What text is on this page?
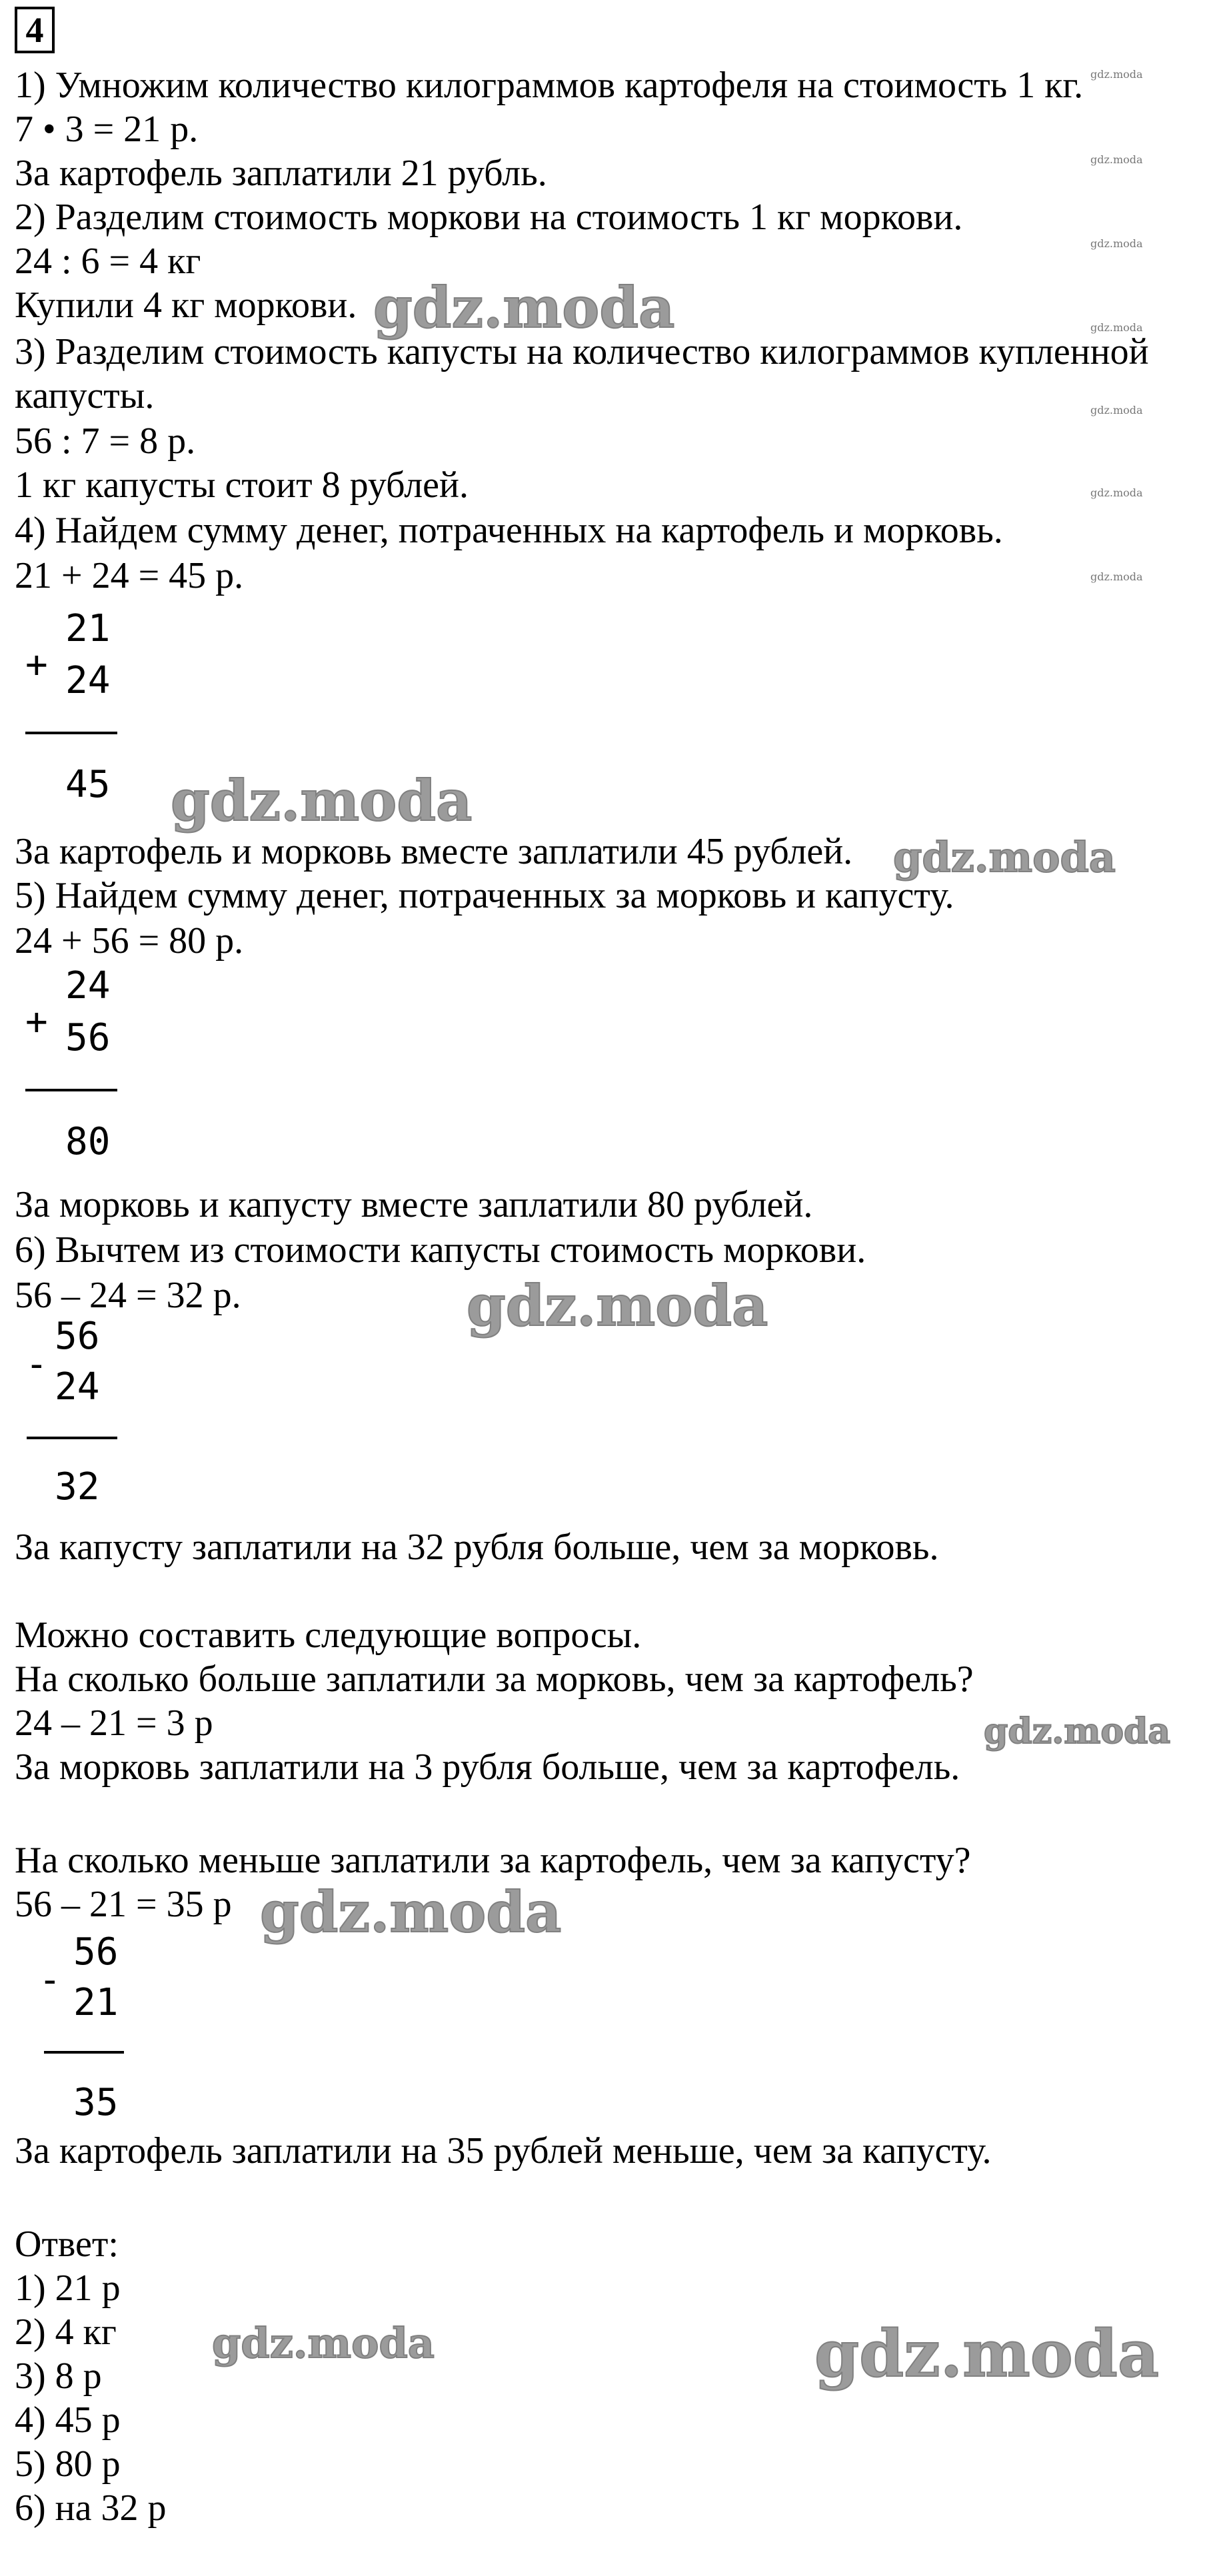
4
1) Умножим количество килограммов картофеля на стоимость 1 кг.
7 • 3 = 21 р.
За картофель заплатили 21 рубль.
2) Разделим стоимость моркови на стоимость 1 кг моркови.
24 : 6 = 4 кг
Купили 4 кг моркови.
3) Разделим стоимость капусты на количество килограммов купленной
капусты.
56 : 7 = 8 р.
1 кг капусты стоит 8 рублей.
4) Найдем сумму денег, потраченных на картофель и морковь.
21 + 24 = 45 р.
+
21
24
45
За картофель и морковь вместе заплатили 45 рублей.
5) Найдем сумму денег, потраченных за морковь и капусту.
24 + 56 = 80 р.
+
24
56
80
За морковь и капусту вместе заплатили 80 рублей.
6) Вычтем из стоимости капусты стоимость моркови.
56 – 24 = 32 р.
-
56
24
32
За капусту заплатили на 32 рубля больше, чем за морковь.
Можно составить следующие вопросы.
На сколько больше заплатили за морковь, чем за картофель?
24 – 21 = 3 р
За морковь заплатили на 3 рубля больше, чем за картофель.
На сколько меньше заплатили за картофель, чем за капусту?
56 – 21 = 35 р
-
56
21
35
За картофель заплатили на 35 рублей меньше, чем за капусту.
Ответ:
1) 21 р
2) 4 кг
3) 8 р
4) 45 р
5) 80 р
6) на 32 р
gdz.moda
gdz.moda
gdz.moda
gdz.moda
gdz.moda
gdz.moda
gdz.moda	gdz.moda
gdz.moda
gdz.moda
gdz.moda
gdz.moda
gdz.moda
gdz.moda
gdz.moda
